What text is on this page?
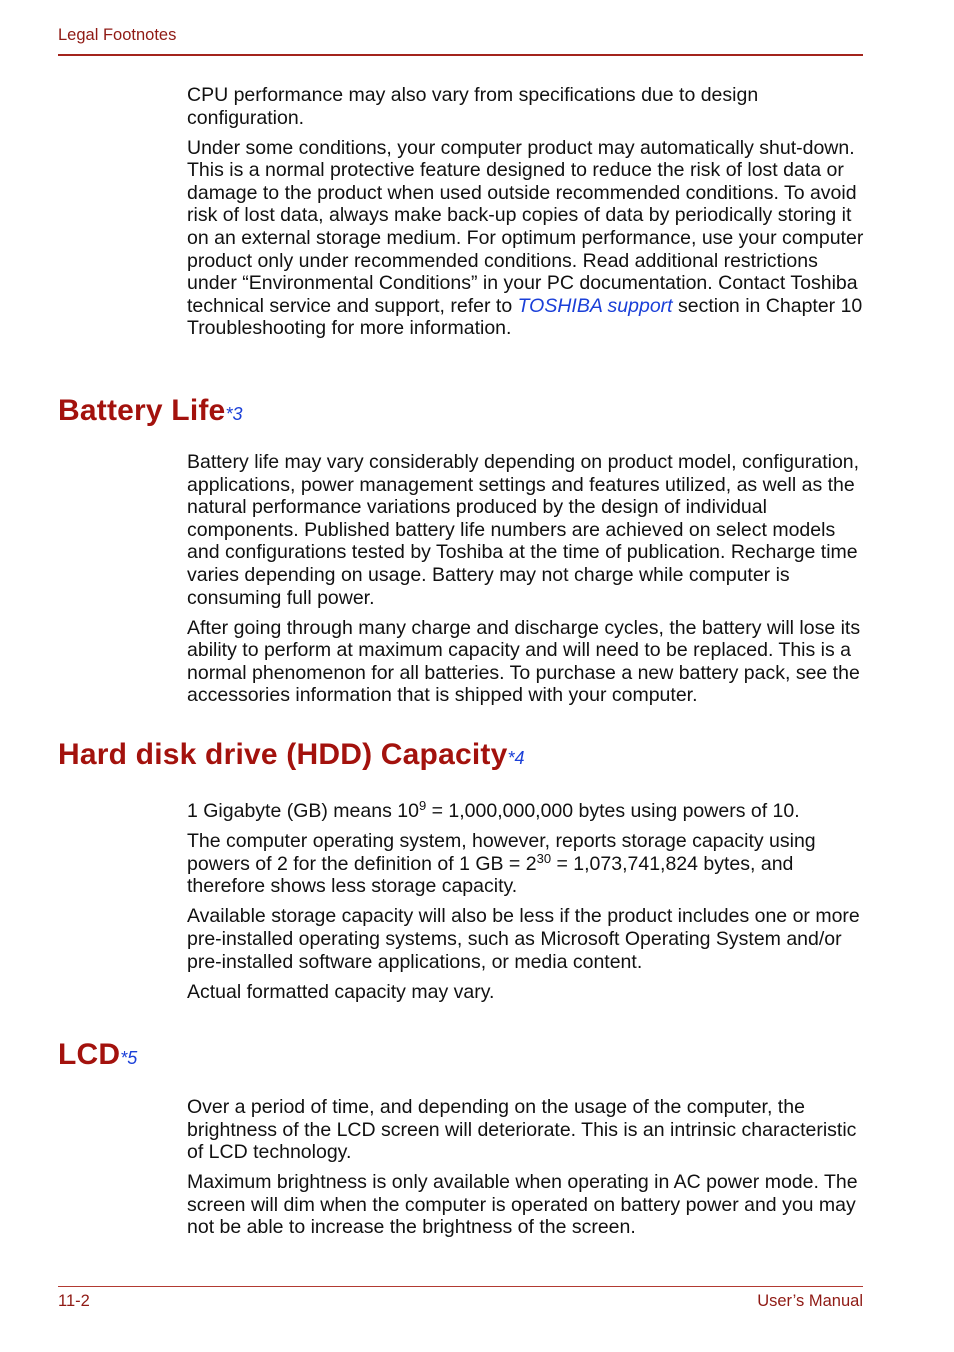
Legal Footnotes

CPU performance may also vary from specifications due to design configuration.

Under some conditions, your computer product may automatically shut-down. This is a normal protective feature designed to reduce the risk of lost data or damage to the product when used outside recommended conditions. To avoid risk of lost data, always make back-up copies of data by periodically storing it on an external storage medium. For optimum performance, use your computer product only under recommended conditions. Read additional restrictions under “Environmental Conditions” in your PC documentation. Contact Toshiba technical service and support, refer to TOSHIBA support section in Chapter 10 Troubleshooting for more information.

Battery Life*3

Battery life may vary considerably depending on product model, configuration, applications, power management settings and features utilized, as well as the natural performance variations produced by the design of individual components. Published battery life numbers are achieved on select models and configurations tested by Toshiba at the time of publication. Recharge time varies depending on usage. Battery may not charge while computer is consuming full power.

After going through many charge and discharge cycles, the battery will lose its ability to perform at maximum capacity and will need to be replaced. This is a normal phenomenon for all batteries. To purchase a new battery pack, see the accessories information that is shipped with your computer.

Hard disk drive (HDD) Capacity*4

1 Gigabyte (GB) means $10^9 = 1,000,000,000$ bytes using powers of 10.

The computer operating system, however, reports storage capacity using powers of 2 for the definition of 1 GB = $2^{30} = 1,073,741,824$ bytes, and therefore shows less storage capacity.

Available storage capacity will also be less if the product includes one or more pre-installed operating systems, such as Microsoft Operating System and/or pre-installed software applications, or media content.

Actual formatted capacity may vary.

LCD*5

Over a period of time, and depending on the usage of the computer, the brightness of the LCD screen will deteriorate. This is an intrinsic characteristic of LCD technology.

Maximum brightness is only available when operating in AC power mode. The screen will dim when the computer is operated on battery power and you may not be able to increase the brightness of the screen.

11-2	User’s Manual
